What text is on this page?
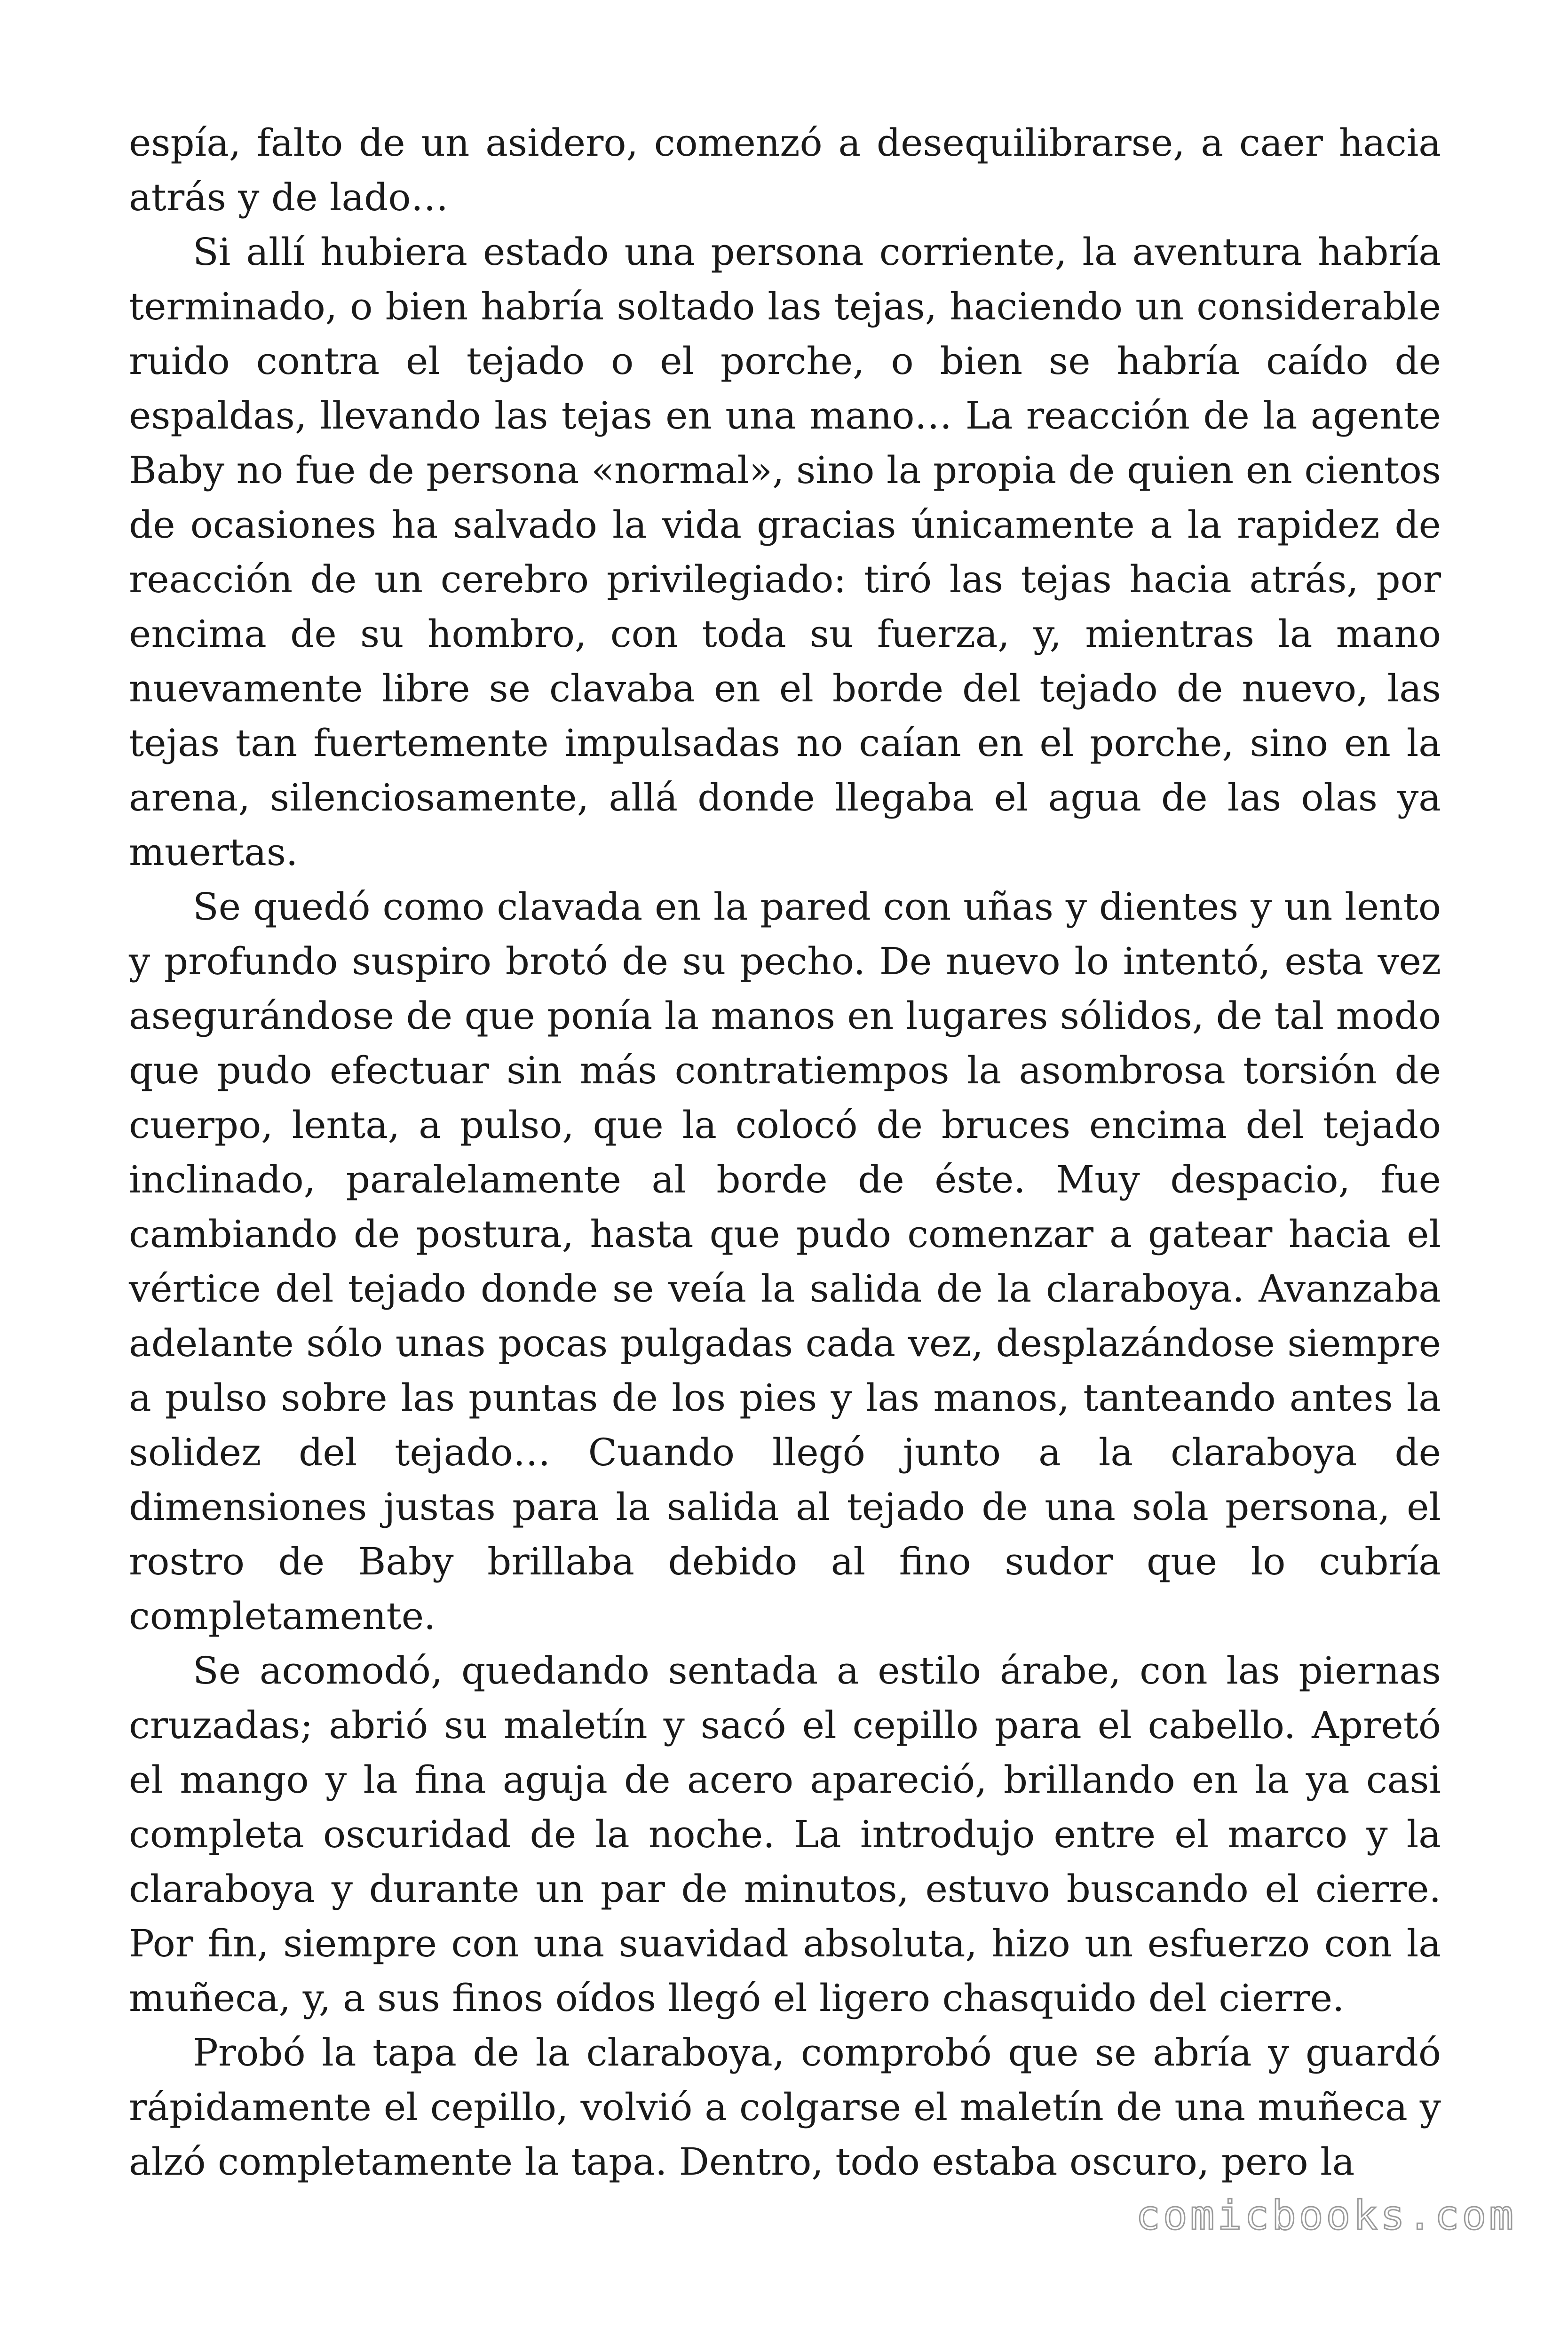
espía, falto de un asidero, comenzó a desequilibrarse, a caer hacia atrás y de lado…

Si allí hubiera estado una persona corriente, la aventura habría terminado, o bien habría soltado las tejas, haciendo un considerable ruido contra el tejado o el porche, o bien se habría caído de espaldas, llevando las tejas en una mano… La reacción de la agente Baby no fue de persona «normal», sino la propia de quien en cientos de ocasiones ha salvado la vida gracias únicamente a la rapidez de reacción de un cerebro privilegiado: tiró las tejas hacia atrás, por encima de su hombro, con toda su fuerza, y, mientras la mano nuevamente libre se clavaba en el borde del tejado de nuevo, las tejas tan fuertemente impulsadas no caían en el porche, sino en la arena, silenciosamente, allá donde llegaba el agua de las olas ya muertas.

Se quedó como clavada en la pared con uñas y dientes y un lento y profundo suspiro brotó de su pecho. De nuevo lo intentó, esta vez asegurándose de que ponía la manos en lugares sólidos, de tal modo que pudo efectuar sin más contratiempos la asombrosa torsión de cuerpo, lenta, a pulso, que la colocó de bruces encima del tejado inclinado, paralelamente al borde de éste. Muy despacio, fue cambiando de postura, hasta que pudo comenzar a gatear hacia el vértice del tejado donde se veía la salida de la claraboya. Avanzaba adelante sólo unas pocas pulgadas cada vez, desplazándose siempre a pulso sobre las puntas de los pies y las manos, tanteando antes la solidez del tejado… Cuando llegó junto a la claraboya de dimensiones justas para la salida al tejado de una sola persona, el rostro de Baby brillaba debido al fino sudor que lo cubría completamente.

Se acomodó, quedando sentada a estilo árabe, con las piernas cruzadas; abrió su maletín y sacó el cepillo para el cabello. Apretó el mango y la fina aguja de acero apareció, brillando en la ya casi completa oscuridad de la noche. La introdujo entre el marco y la claraboya y durante un par de minutos, estuvo buscando el cierre. Por fin, siempre con una suavidad absoluta, hizo un esfuerzo con la muñeca, y, a sus finos oídos llegó el ligero chasquido del cierre.

Probó la tapa de la claraboya, comprobó que se abría y guardó rápidamente el cepillo, volvió a colgarse el maletín de una muñeca y alzó completamente la tapa. Dentro, todo estaba oscuro, pero la

comicbooks.com
